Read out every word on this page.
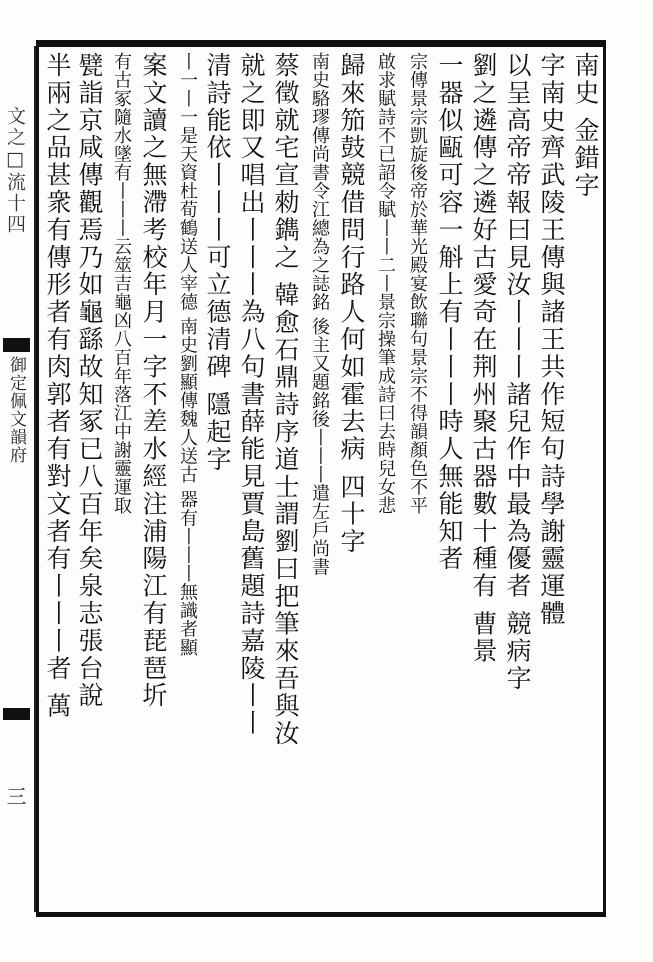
文之□流十四
御定佩文韻府
三
南史 金錯字
字南史齊武陵王傳與諸王共作短句詩學謝靈運體
以呈高帝帝報曰見汝丨丨丨諸兒作中最為優者 競病字
劉之遴傳之遴好古愛奇在荆州聚古器數十種有 曹景
一器似甌可容一斛上有丨丨丨時人無能知者
宗傳景宗凱旋後帝於華光殿宴飲聯句景宗不得韻顏色不平
啟求賦詩不已詔令賦丨丨二丨景宗操筆成詩曰去時兒女悲
歸來笳鼓競借問行路人何如霍去病 四十字
南史駱璆傳尚書令江總為之誌銘 後主又題銘後丨丨丨遣左戶尚書
蔡徵就宅宣勑鐫之 韓愈石鼎詩序道士謂劉曰把筆來吾與汝
就之即又唱出丨丨丨為八句書薛能見賈島舊題詩嘉陵丨丨
清詩能依丨丨丨可立德清碑 隱起字
丨一丨一是天資杜荀鶴送人宰德 南史劉顯傳魏人送古 器有丨丨丨無識者顯
案文讀之無滯考校年月一字不差水經注浦陽江有琵琶圻
有古冢隨水墜有丨丨丨云筮吉龜凶八百年落江中謝靈運取
甓詣京咸傳觀焉乃如龜繇故知冢已八百年矣泉志張台說
半兩之品甚衆有傳形者有肉郭者有對文者有丨丨丨者 萬
